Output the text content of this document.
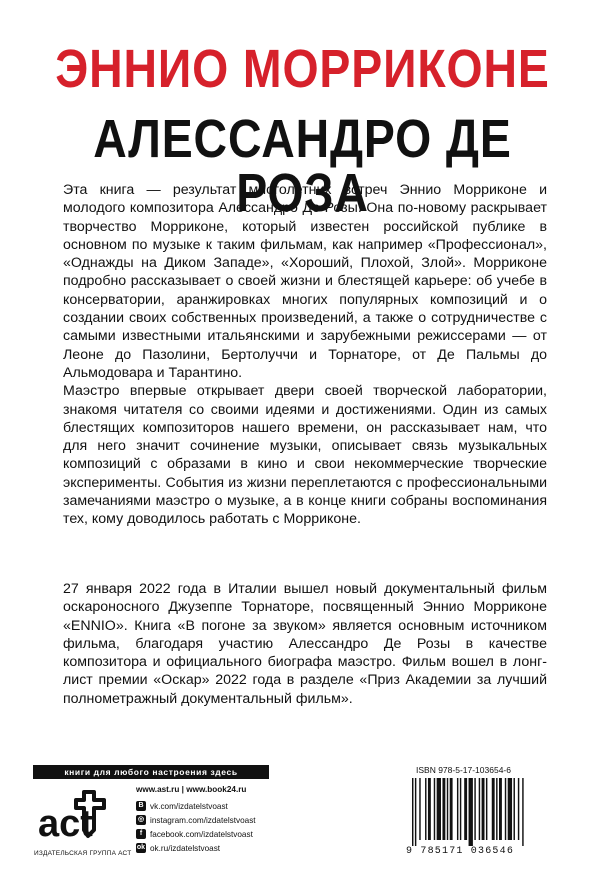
ЭННИО МОРРИКОНЕ
АЛЕССАНДРО ДЕ РОЗА

Эта книга — результат многолетних встреч Эннио Морриконе и молодого композитора Алессандро Де Розы. Она по-новому раскрывает творчество Морриконе, который известен российской публике в основном по музыке к таким фильмам, как например «Профессионал», «Однажды на Диком Западе», «Хороший, Плохой, Злой». Морриконе подробно рассказывает о своей жизни и блестящей карьере: об учебе в консерватории, аранжировках многих популярных композиций и о создании своих собственных произведений, а также о сотрудничестве с самыми известными итальянскими и зарубежными режиссерами — от Леоне до Пазолини, Бертолуччи и Торнаторе, от Де Пальмы до Альмодовара и Тарантино.

Маэстро впервые открывает двери своей творческой лаборатории, знакомя читателя со своими идеями и достижениями. Один из самых блестящих композиторов нашего времени, он рассказывает нам, что для него значит сочинение музыки, описывает связь музыкальных композиций с образами в кино и свои некоммерческие творческие эксперименты. События из жизни переплетаются с профессиональными замечаниями маэстро о музыке, а в конце книги собраны воспоминания тех, кому доводилось работать с Морриконе.

27 января 2022 года в Италии вышел новый документальный фильм оскароносного Джузеппе Торнаторе, посвященный Эннио Морриконе «ENNIO». Книга «В погоне за звуком» является основным источником фильма, благодаря участию Алессандро Де Розы в качестве композитора и официального биографа маэстро. Фильм вошел в лонг-лист премии «Оскар» 2022 года в разделе «Приз Академии за лучший полнометражный документальный фильм».

книги для любого настроения здесь
act
ИЗДАТЕЛЬСКАЯ ГРУППА АСТ
www.ast.ru | www.book24.ru
B vk.com/izdatelstvoast
◎ instagram.com/izdatelstvoast
f facebook.com/izdatelstvoast
ok ok.ru/izdatelstvoast
ISBN 978-5-17-103654-6
9 785171 036546
